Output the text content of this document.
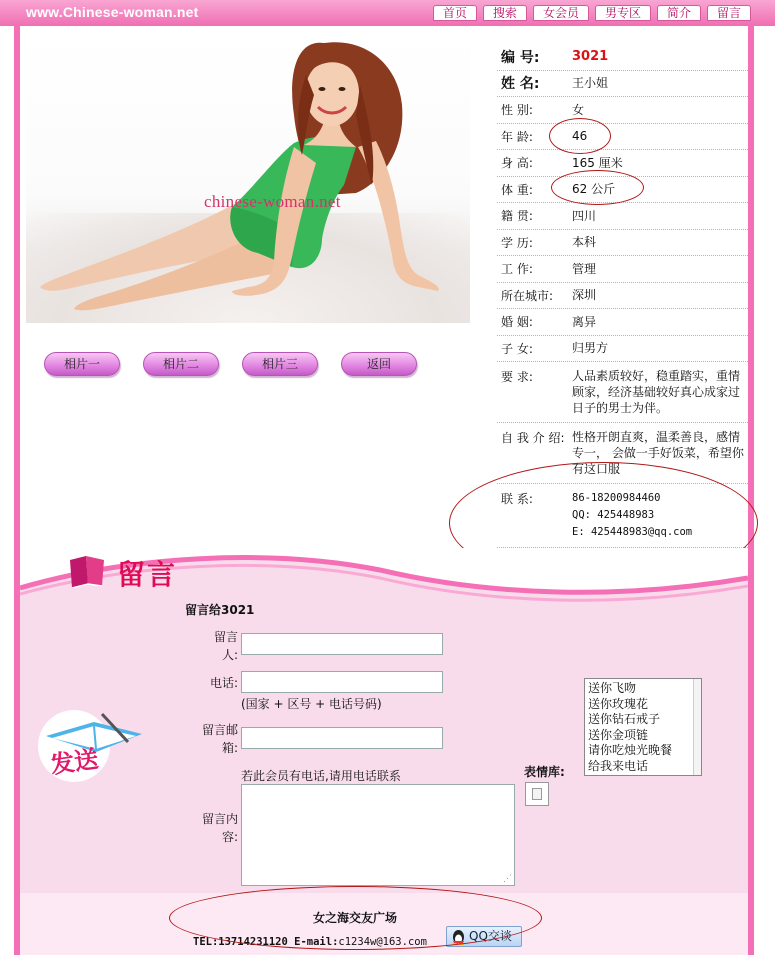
www.Chinese-woman.net	首页	搜索	女会员	男专区	简介	留言
chinese-woman.net
相片一	相片二	相片三	返回
编 号:	3021
姓 名:	王小姐
性 别:	女
年 龄:	46
身 高:	165 厘米
体 重:	62 公斤
籍 贯:	四川
学 历:	本科
工 作:	管理
所在城市:	深圳
婚 姻:	离异
子 女:	归男方
要 求:	人品素质较好，稳重踏实，重情顾家，经济基础较好真心成家过日子的男士为伴。
自 我 介 绍: 性格开朗直爽，温柔善良，感情专一， 会做一手好饭菜，希望你有这口服
联 系:	86-18200984460
QQ: 425448983
E: 425448983@qq.com
留言
留言给3021
留言人:
电话:
(国家 + 区号 + 电话号码)
留言邮箱:
若此会员有电话,请用电话联系
留言内容:
⋰
发送
送你飞吻
送你玫瑰花
送你钻石戒子
送你金项链
请你吃烛光晚餐
给我来电话
表情库:
女之海交友广场
TEL:13714231120 E-mail:c1234w@163.com	QQ交谈
